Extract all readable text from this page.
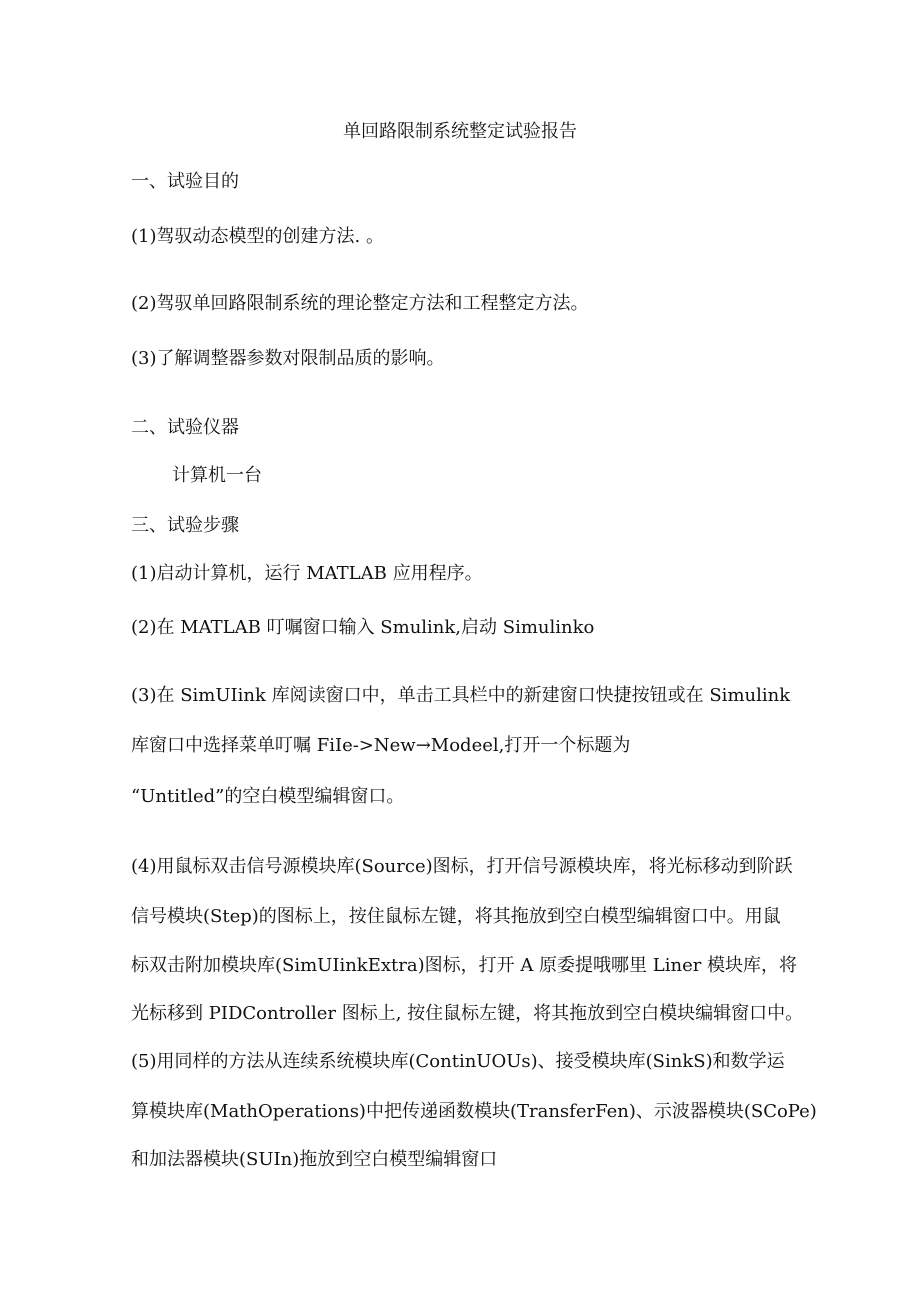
单回路限制系统整定试验报告
一、试验目的
(1)驾驭动态模型的创建方法. 。
(2)驾驭单回路限制系统的理论整定方法和工程整定方法。
(3)了解调整器参数对限制品质的影响。
二、试验仪器
计算机一台
三、试验步骤
(1)启动计算机，运行 MATLAB 应用程序。
(2)在 MATLAB 叮嘱窗口输入 Smulink,启动 Simulinko
(3)在 SimUIink 库阅读窗口中，单击工具栏中的新建窗口快捷按钮或在 Simulink
库窗口中选择菜单叮嘱 FiIe->New→Modeel,打开一个标题为
“Untitled”的空白模型编辑窗口。
(4)用鼠标双击信号源模块库(Source)图标，打开信号源模块库，将光标移动到阶跃
信号模块(Step)的图标上，按住鼠标左键，将其拖放到空白模型编辑窗口中。用鼠
标双击附加模块库(SimUIinkExtra)图标，打开 A 原委提哦哪里 Liner 模块库，将
光标移到 PIDController 图标上, 按住鼠标左键，将其拖放到空白模块编辑窗口中。
(5)用同样的方法从连续系统模块库(ContinUOUs)、接受模块库(SinkS)和数学运
算模块库(MathOperations)中把传递函数模块(TransferFen)、示波器模块(SCoPe)
和加法器模块(SUIn)拖放到空白模型编辑窗口
